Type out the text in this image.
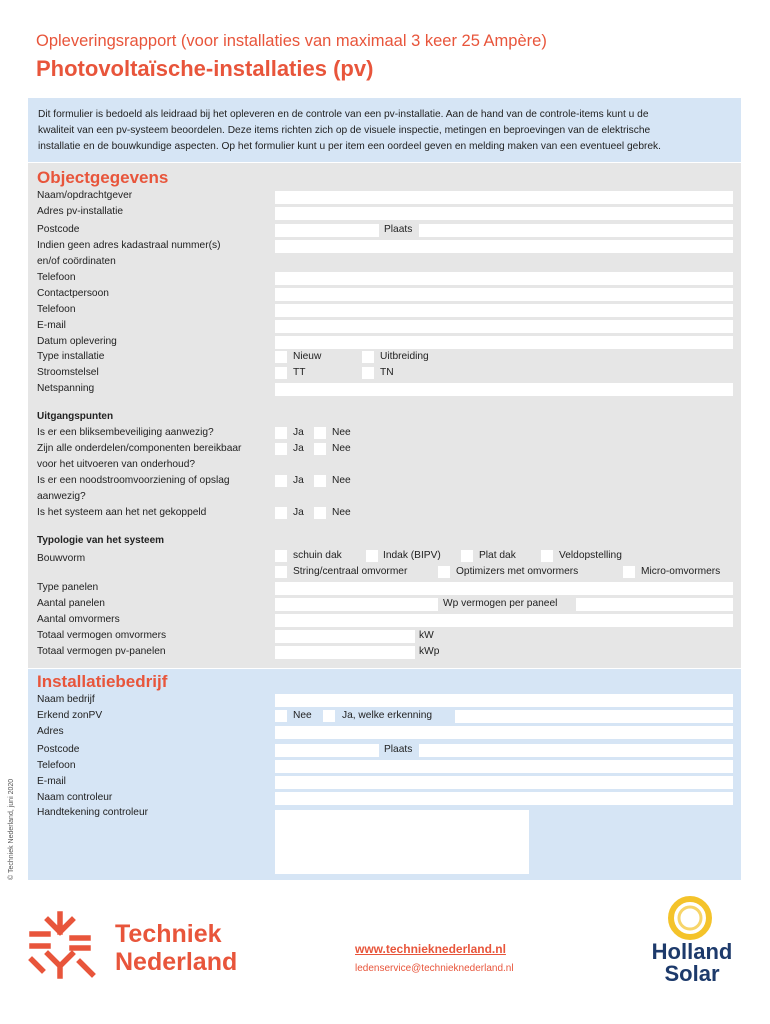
Opleveringsrapport (voor installaties van maximaal 3 keer 25 Ampère)
Photovoltaïsche-installaties (pv)
Dit formulier is bedoeld als leidraad bij het opleveren en de controle van een pv-installatie. Aan de hand van de controle-items kunt u de
kwaliteit van een pv-systeem beoordelen. Deze items richten zich op de visuele inspectie, metingen en beproevingen van de elektrische
installatie en de bouwkundige aspecten. Op het formulier kunt u per item een oordeel geven en melding maken van een eventueel gebrek.
Objectgegevens
Naam/opdrachtgever
Adres pv-installatie
Postcode	Plaats
Indien geen adres kadastraal nummer(s)
en/of coördinaten
Telefoon
Contactpersoon
Telefoon
E-mail
Datum oplevering
Type installatie	Nieuw	Uitbreiding
Stroomstelsel	TT	TN
Netspanning
Uitgangspunten
Is er een bliksembeveiliging aanwezig?	Ja	Nee
Zijn alle onderdelen/componenten bereikbaar
voor het uitvoeren van onderhoud?
Ja	Nee
Is er een noodstroomvoorziening of opslag
aanwezig?
Ja	Nee
Is het systeem aan het net gekoppeld	Ja	Nee
Typologie van het systeem
Bouwvorm	schuin dak	Indak (BIPV)	Plat dak	Veldopstelling
String/centraal omvormer	Optimizers met omvormers	Micro-omvormers
Type panelen
Aantal panelen	Wp vermogen per paneel
Aantal omvormers
Totaal vermogen omvormers	kW
Totaal vermogen pv-panelen	kWp
Installatiebedrijf
Naam bedrijf
Erkend zonPV	Nee	Ja, welke erkenning
Adres
Postcode	Plaats
Telefoon
E-mail
Naam controleur
Handtekening controleur
© Techniek Nederland, juni 2020
Techniek
Nederland	www.technieknederland.nl
ledenservice@technieknederland.nl
Holland
Solar
